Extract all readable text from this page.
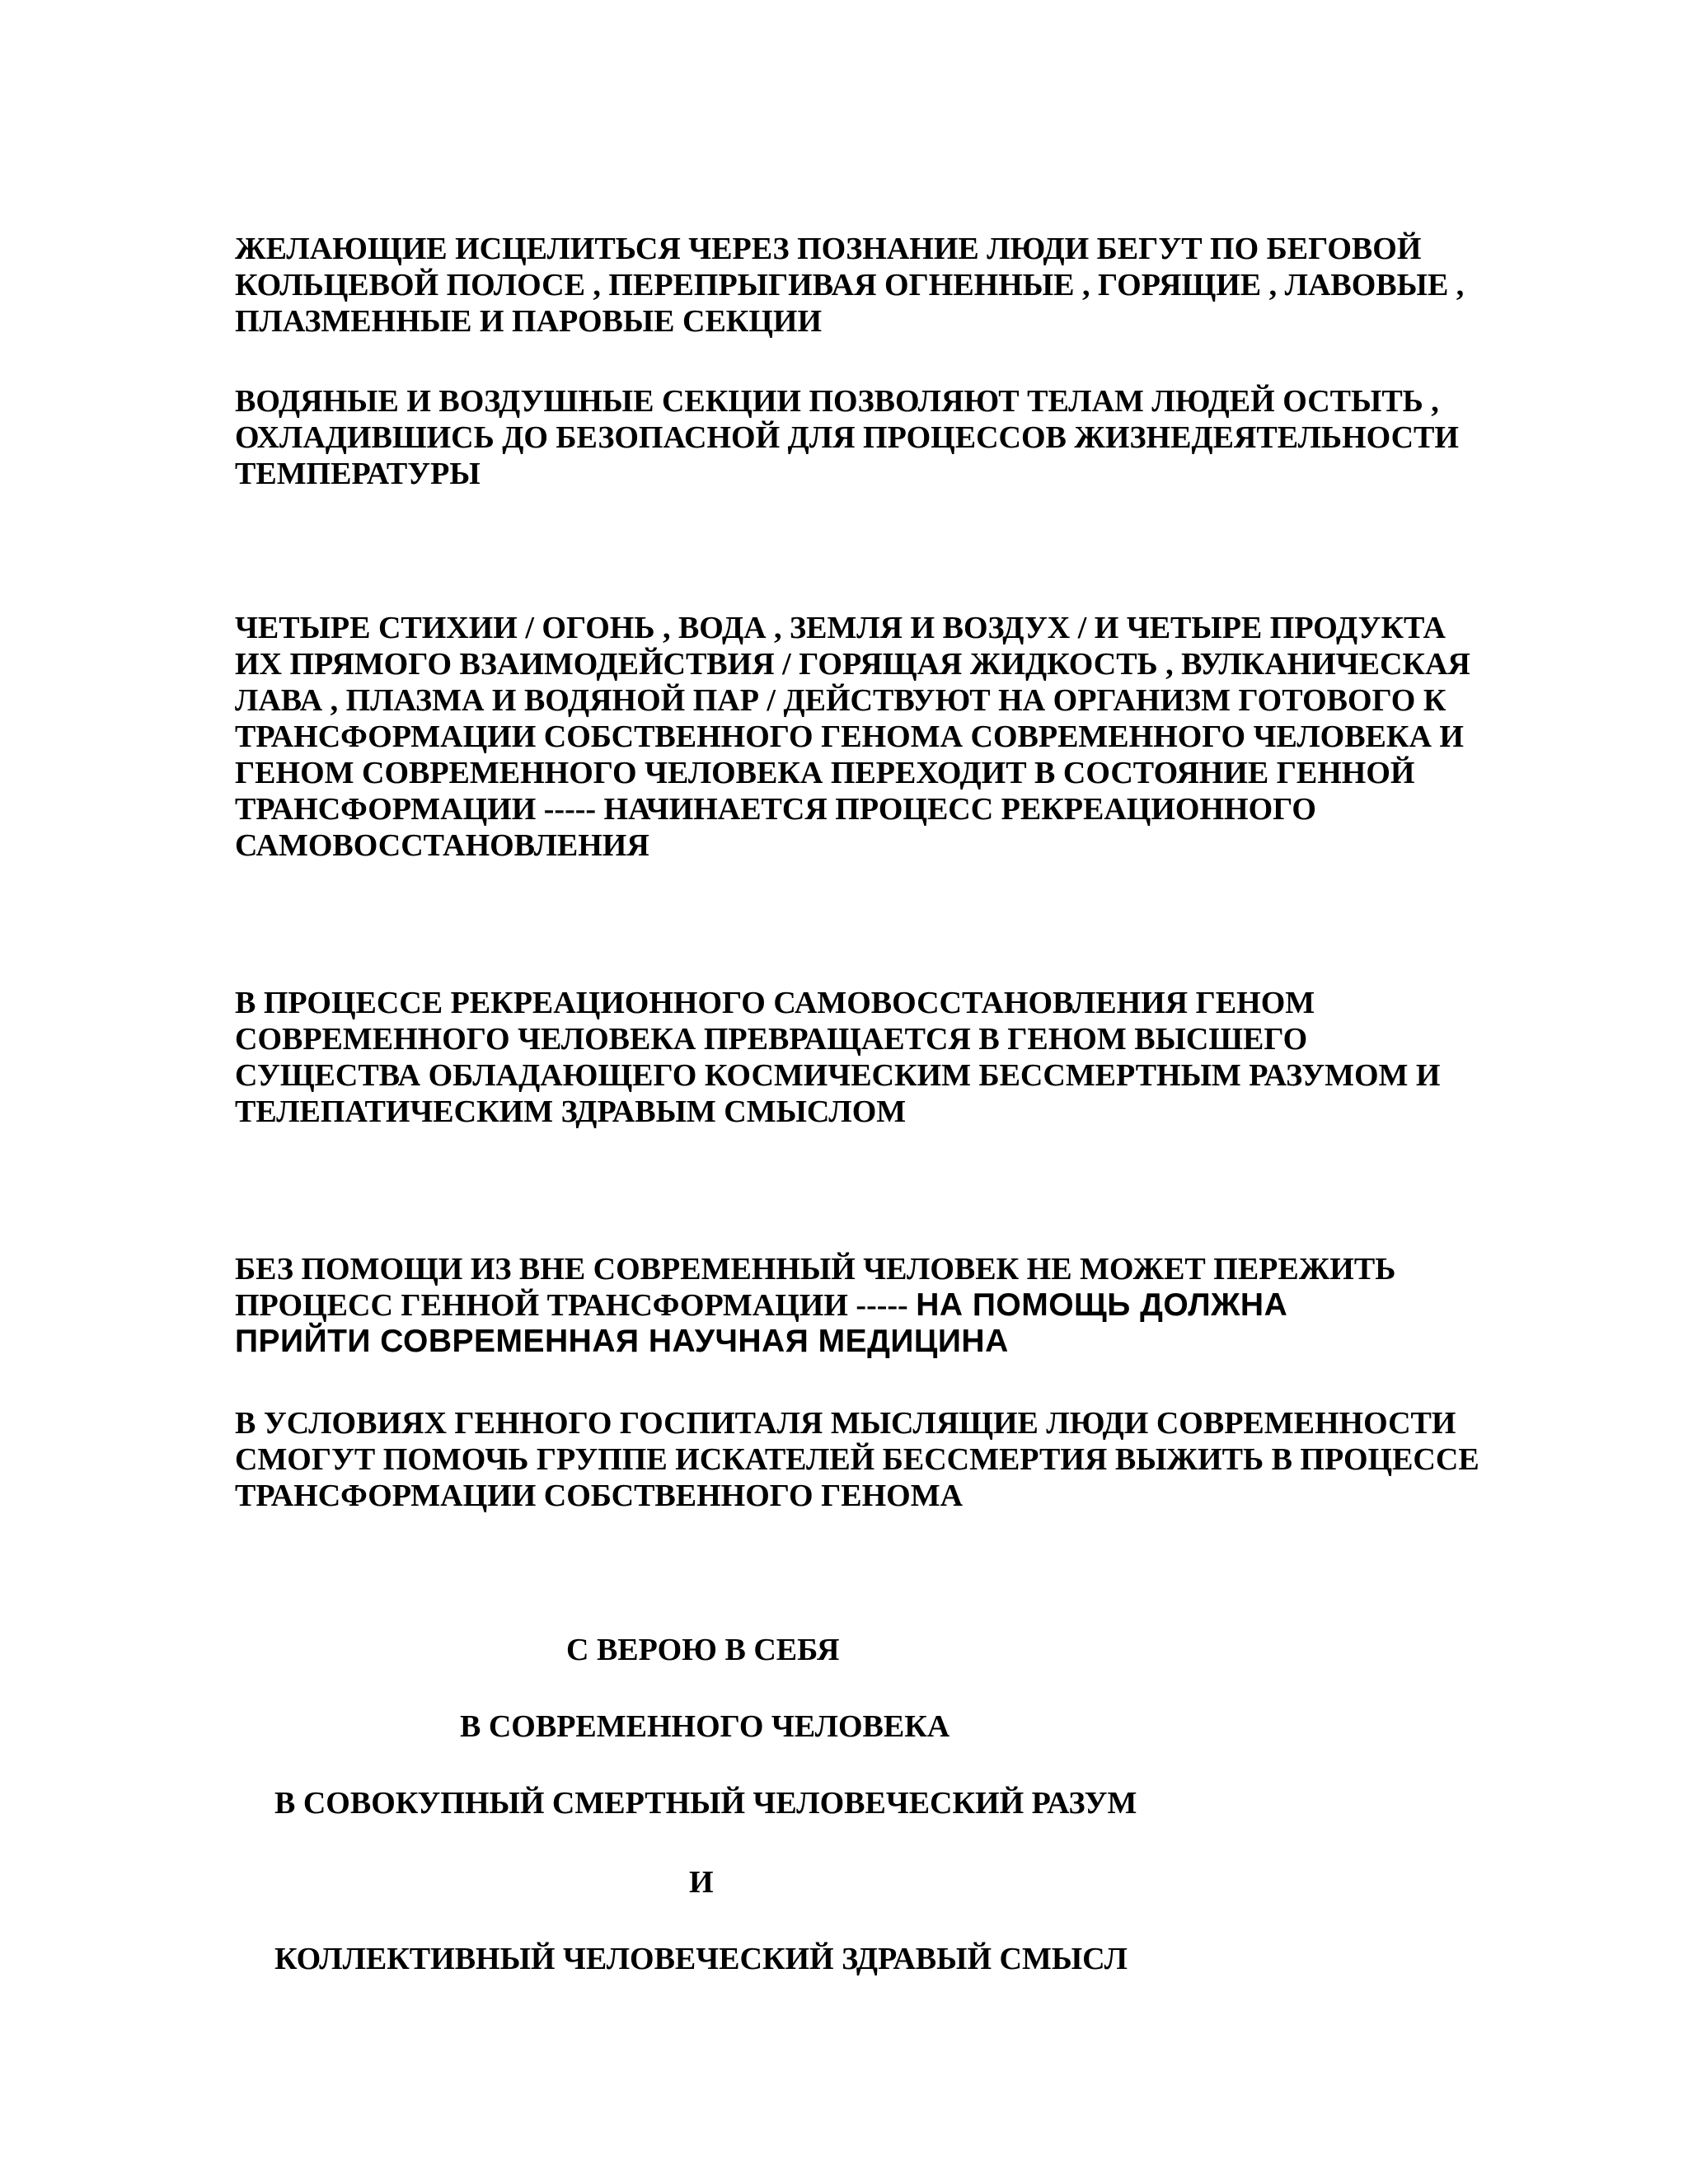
ЖЕЛАЮЩИЕ ИСЦЕЛИТЬСЯ ЧЕРЕЗ ПОЗНАНИЕ ЛЮДИ БЕГУТ ПО БЕГОВОЙ
КОЛЬЦЕВОЙ ПОЛОСЕ , ПЕРЕПРЫГИВАЯ ОГНЕННЫЕ , ГОРЯЩИЕ , ЛАВОВЫЕ ,
ПЛАЗМЕННЫЕ И ПАРОВЫЕ СЕКЦИИ

ВОДЯНЫЕ И ВОЗДУШНЫЕ СЕКЦИИ ПОЗВОЛЯЮТ ТЕЛАМ ЛЮДЕЙ ОСТЫТЬ ,
ОХЛАДИВШИСЬ ДО БЕЗОПАСНОЙ ДЛЯ ПРОЦЕССОВ ЖИЗНЕДЕЯТЕЛЬНОСТИ
ТЕМПЕРАТУРЫ

ЧЕТЫРЕ СТИХИИ / ОГОНЬ , ВОДА , ЗЕМЛЯ И ВОЗДУХ / И ЧЕТЫРЕ ПРОДУКТА
ИХ ПРЯМОГО ВЗАИМОДЕЙСТВИЯ / ГОРЯЩАЯ ЖИДКОСТЬ , ВУЛКАНИЧЕСКАЯ
ЛАВА , ПЛАЗМА И ВОДЯНОЙ ПАР / ДЕЙСТВУЮТ НА ОРГАНИЗМ ГОТОВОГО К
ТРАНСФОРМАЦИИ СОБСТВЕННОГО ГЕНОМА СОВРЕМЕННОГО ЧЕЛОВЕКА И
ГЕНОМ СОВРЕМЕННОГО ЧЕЛОВЕКА ПЕРЕХОДИТ В СОСТОЯНИЕ ГЕННОЙ
ТРАНСФОРМАЦИИ ----- НАЧИНАЕТСЯ ПРОЦЕСС РЕКРЕАЦИОННОГО
САМОВОССТАНОВЛЕНИЯ

В ПРОЦЕССЕ РЕКРЕАЦИОННОГО САМОВОССТАНОВЛЕНИЯ ГЕНОМ
СОВРЕМЕННОГО ЧЕЛОВЕКА ПРЕВРАЩАЕТСЯ В ГЕНОМ ВЫСШЕГО
СУЩЕСТВА ОБЛАДАЮЩЕГО КОСМИЧЕСКИМ БЕССМЕРТНЫМ РАЗУМОМ И
ТЕЛЕПАТИЧЕСКИМ ЗДРАВЫМ СМЫСЛОМ

БЕЗ ПОМОЩИ ИЗ ВНЕ СОВРЕМЕННЫЙ ЧЕЛОВЕК НЕ МОЖЕТ ПЕРЕЖИТЬ
ПРОЦЕСС ГЕННОЙ ТРАНСФОРМАЦИИ ----- НА ПОМОЩЬ ДОЛЖНА
ПРИЙТИ СОВРЕМЕННАЯ НАУЧНАЯ МЕДИЦИНА

В УСЛОВИЯХ ГЕННОГО ГОСПИТАЛЯ МЫСЛЯЩИЕ ЛЮДИ СОВРЕМЕННОСТИ
СМОГУТ ПОМОЧЬ ГРУППЕ ИСКАТЕЛЕЙ БЕССМЕРТИЯ ВЫЖИТЬ В ПРОЦЕССЕ
ТРАНСФОРМАЦИИ СОБСТВЕННОГО ГЕНОМА

С ВЕРОЮ В СЕБЯ

В СОВРЕМЕННОГО ЧЕЛОВЕКА

В СОВОКУПНЫЙ СМЕРТНЫЙ ЧЕЛОВЕЧЕСКИЙ РАЗУМ

И

КОЛЛЕКТИВНЫЙ ЧЕЛОВЕЧЕСКИЙ ЗДРАВЫЙ СМЫСЛ
